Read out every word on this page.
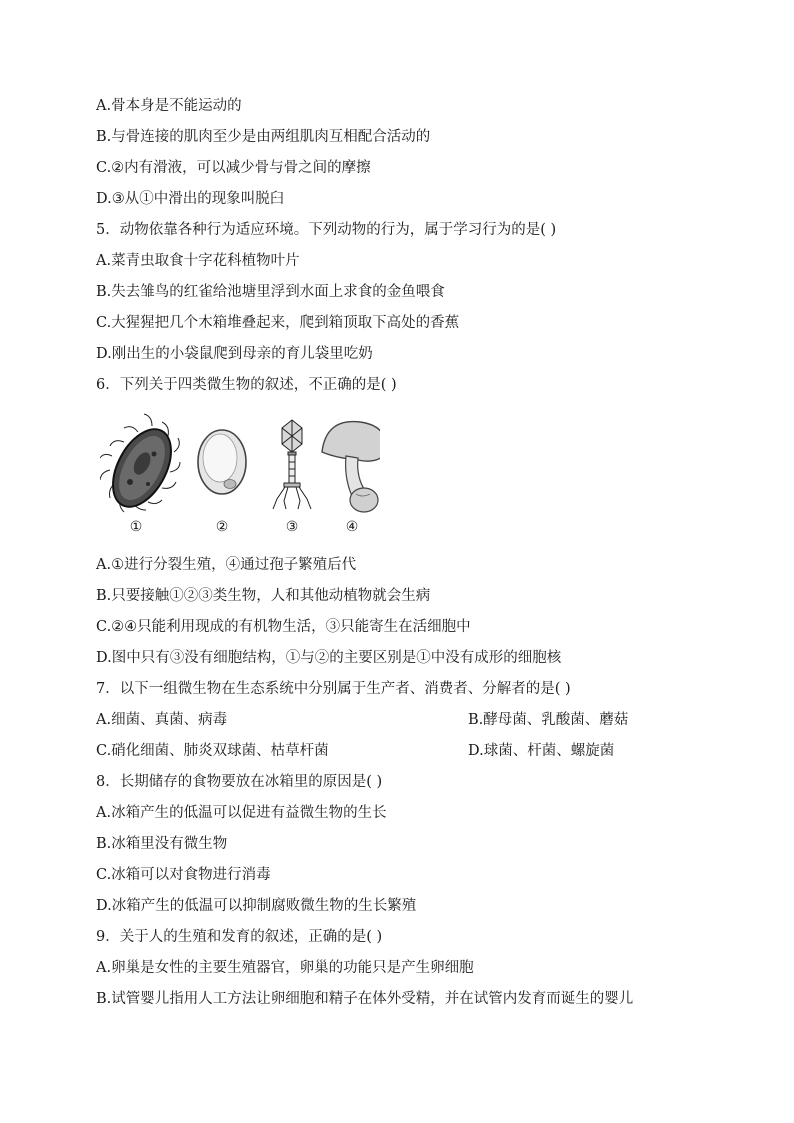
A.骨本身是不能运动的
B.与骨连接的肌肉至少是由两组肌肉互相配合活动的
C.②内有滑液，可以减少骨与骨之间的摩擦
D.③从①中滑出的现象叫脱臼
5．动物依靠各种行为适应环境。下列动物的行为，属于学习行为的是( )
A.菜青虫取食十字花科植物叶片
B.失去雏鸟的红雀给池塘里浮到水面上求食的金鱼喂食
C.大猩猩把几个木箱堆叠起来，爬到箱顶取下高处的香蕉
D.刚出生的小袋鼠爬到母亲的育儿袋里吃奶
6．下列关于四类微生物的叙述，不正确的是( )
①	②	③	④
A.①进行分裂生殖，④通过孢子繁殖后代
B.只要接触①②③类生物，人和其他动植物就会生病
C.②④只能利用现成的有机物生活，③只能寄生在活细胞中
D.图中只有③没有细胞结构，①与②的主要区别是①中没有成形的细胞核
7．以下一组微生物在生态系统中分别属于生产者、消费者、分解者的是( )
A.细菌、真菌、病毒	B.酵母菌、乳酸菌、蘑菇
C.硝化细菌、肺炎双球菌、枯草杆菌	D.球菌、杆菌、螺旋菌
8．长期储存的食物要放在冰箱里的原因是( )
A.冰箱产生的低温可以促进有益微生物的生长
B.冰箱里没有微生物
C.冰箱可以对食物进行消毒
D.冰箱产生的低温可以抑制腐败微生物的生长繁殖
9．关于人的生殖和发育的叙述，正确的是( )
A.卵巢是女性的主要生殖器官，卵巢的功能只是产生卵细胞
B.试管婴儿指用人工方法让卵细胞和精子在体外受精，并在试管内发育而诞生的婴儿
